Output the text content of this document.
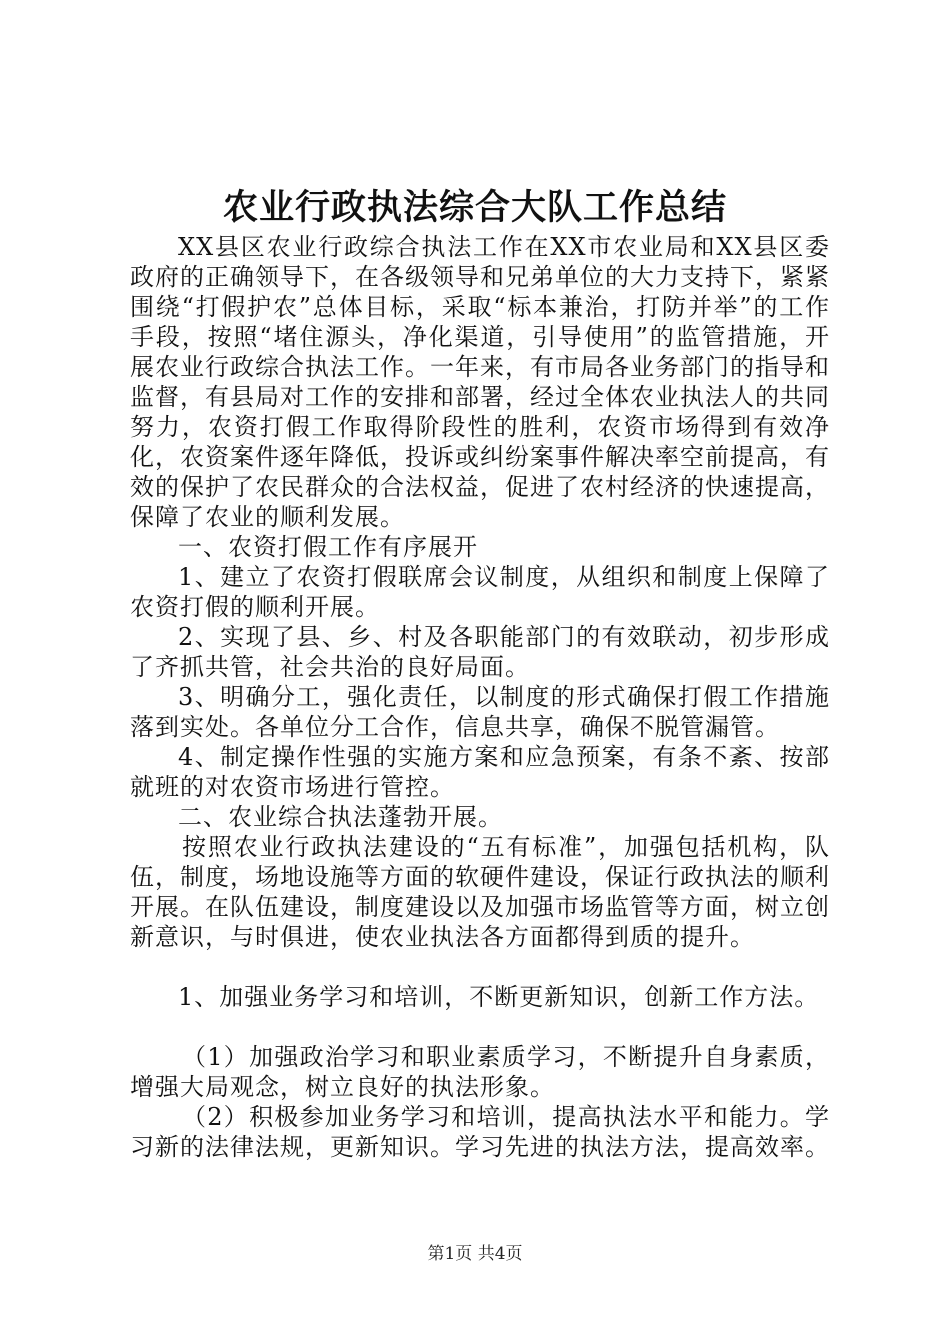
农业行政执法综合大队工作总结

XX县区农业行政综合执法工作在XX市农业局和XX县区委政府的正确领导下，在各级领导和兄弟单位的大力支持下，紧紧围绕“打假护农”总体目标，采取“标本兼治，打防并举”的工作手段，按照“堵住源头，净化渠道，引导使用”的监管措施，开展农业行政综合执法工作。一年来，有市局各业务部门的指导和监督，有县局对工作的安排和部署，经过全体农业执法人的共同努力，农资打假工作取得阶段性的胜利，农资市场得到有效净化，农资案件逐年降低，投诉或纠纷案事件解决率空前提高，有效的保护了农民群众的合法权益，促进了农村经济的快速提高，保障了农业的顺利发展。

一、农资打假工作有序展开

1、建立了农资打假联席会议制度，从组织和制度上保障了农资打假的顺利开展。

2、实现了县、乡、村及各职能部门的有效联动，初步形成了齐抓共管，社会共治的良好局面。

3、明确分工，强化责任，以制度的形式确保打假工作措施落到实处。各单位分工合作，信息共享，确保不脱管漏管。

4、制定操作性强的实施方案和应急预案，有条不紊、按部就班的对农资市场进行管控。

二、农业综合执法蓬勃开展。

按照农业行政执法建设的“五有标准”，加强包括机构，队伍，制度，场地设施等方面的软硬件建设，保证行政执法的顺利开展。在队伍建设，制度建设以及加强市场监管等方面，树立创新意识，与时俱进，使农业执法各方面都得到质的提升。

1、加强业务学习和培训，不断更新知识，创新工作方法。

（1）加强政治学习和职业素质学习，不断提升自身素质，增强大局观念，树立良好的执法形象。

（2）积极参加业务学习和培训，提高执法水平和能力。学习新的法律法规，更新知识。学习先进的执法方法，提高效率。

第1页 共4页
